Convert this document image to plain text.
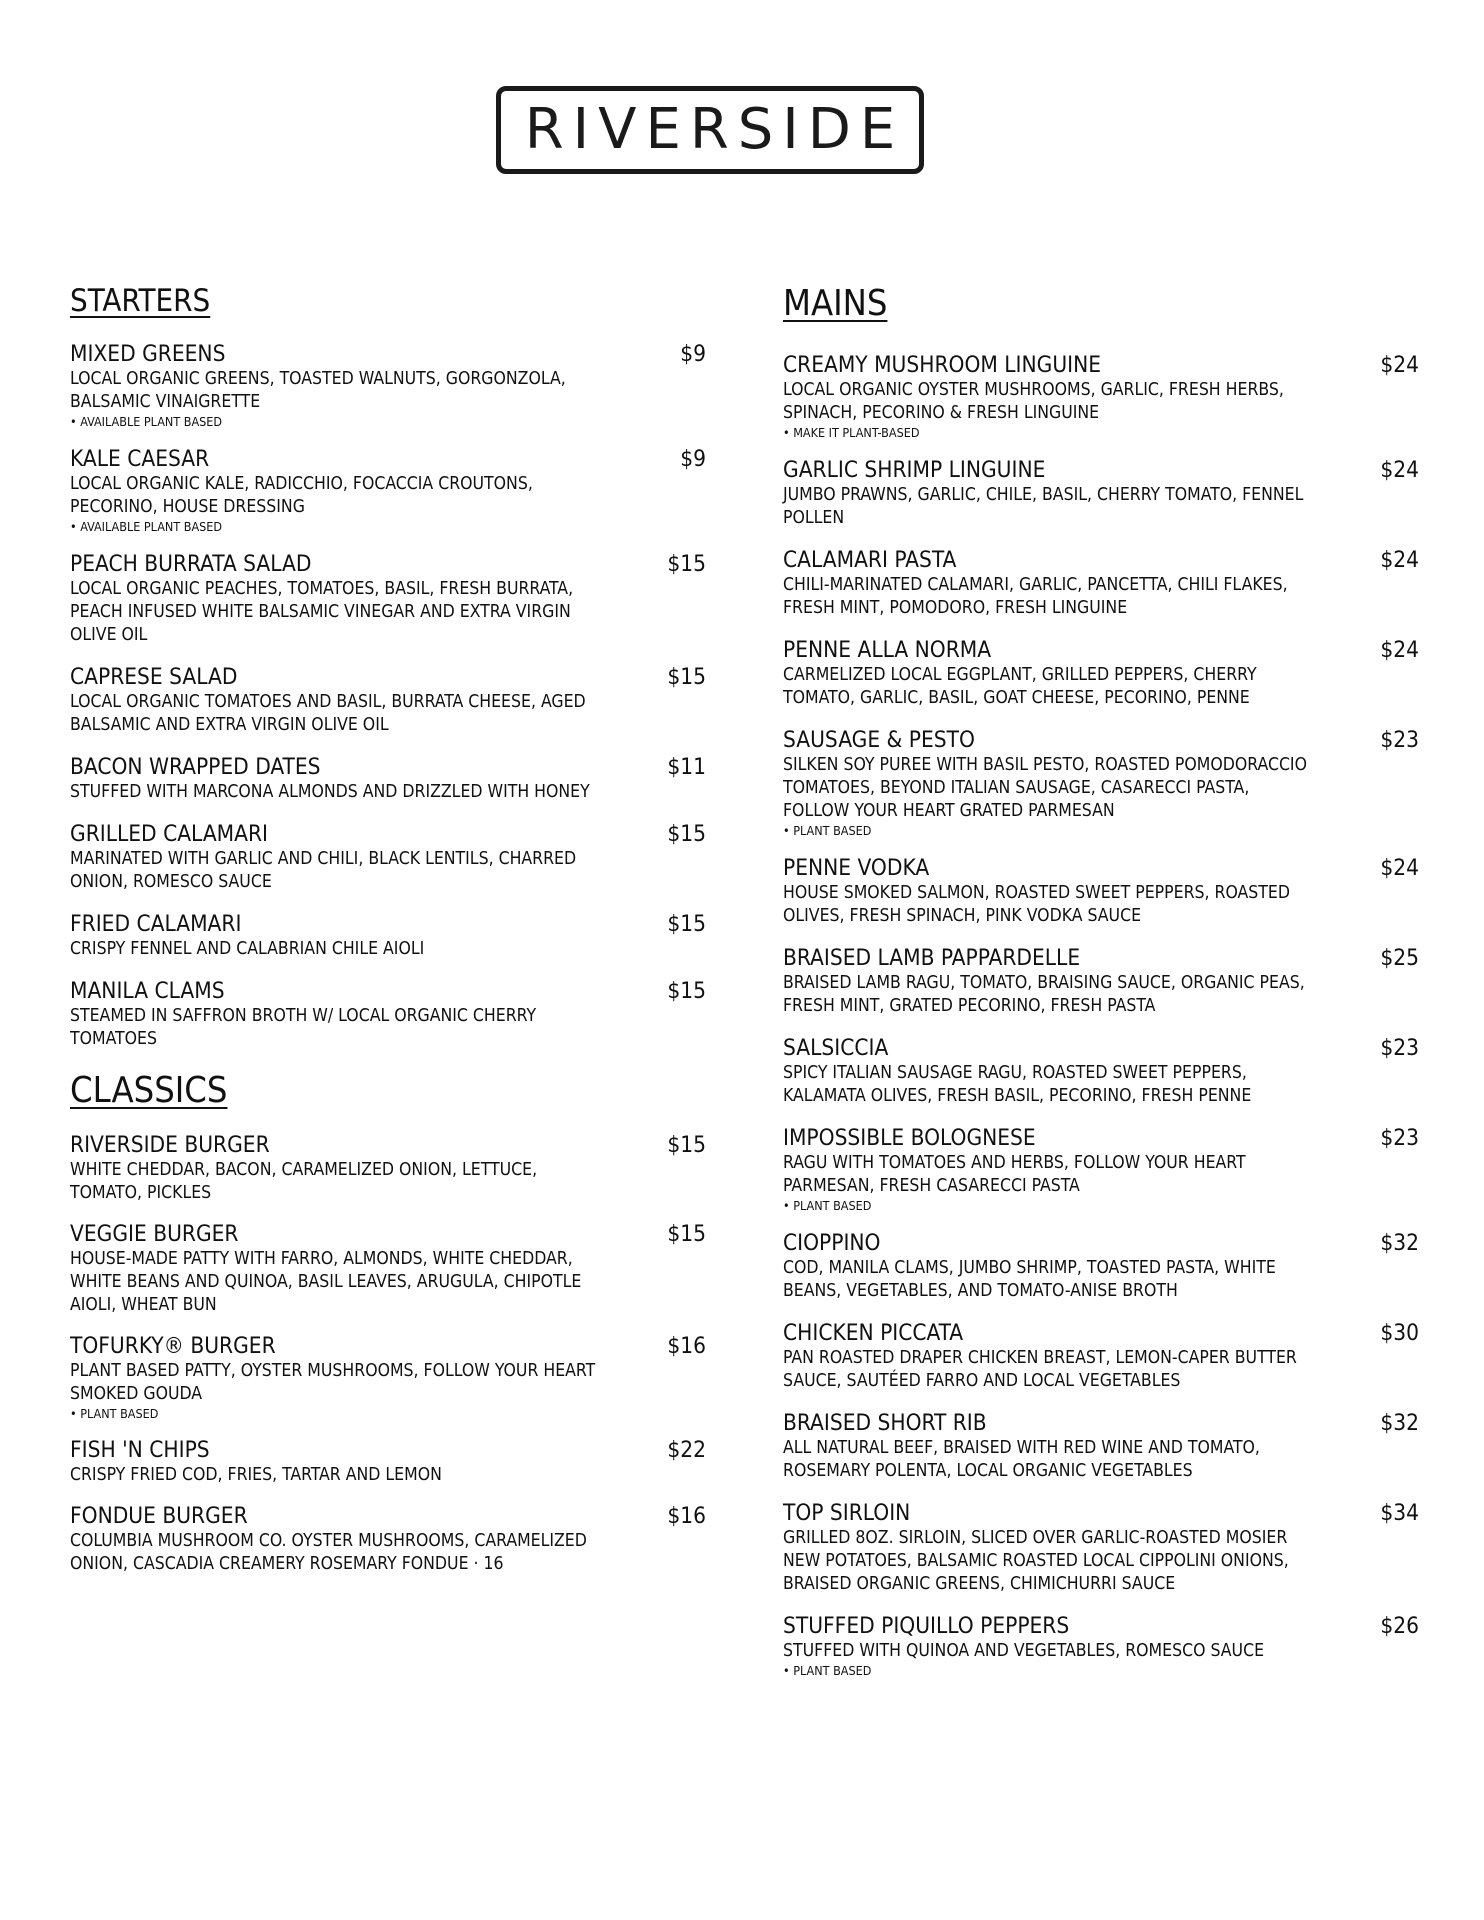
RIVERSIDE
STARTERS
MIXED GREENS	$9
LOCAL ORGANIC GREENS, TOASTED WALNUTS, GORGONZOLA, BALSAMIC VINAIGRETTE
• AVAILABLE PLANT BASED
KALE CAESAR	$9
LOCAL ORGANIC KALE, RADICCHIO, FOCACCIA CROUTONS, PECORINO, HOUSE DRESSING
• AVAILABLE PLANT BASED
PEACH BURRATA SALAD	$15
LOCAL ORGANIC PEACHES, TOMATOES, BASIL, FRESH BURRATA, PEACH INFUSED WHITE BALSAMIC VINEGAR AND EXTRA VIRGIN OLIVE OIL
CAPRESE SALAD	$15
LOCAL ORGANIC TOMATOES AND BASIL, BURRATA CHEESE, AGED BALSAMIC AND EXTRA VIRGIN OLIVE OIL
BACON WRAPPED DATES	$11
STUFFED WITH MARCONA ALMONDS AND DRIZZLED WITH HONEY
GRILLED CALAMARI	$15
MARINATED WITH GARLIC AND CHILI, BLACK LENTILS, CHARRED ONION, ROMESCO SAUCE
FRIED CALAMARI	$15
CRISPY FENNEL AND CALABRIAN CHILE AIOLI
MANILA CLAMS	$15
STEAMED IN SAFFRON BROTH W/ LOCAL ORGANIC CHERRY TOMATOES
CLASSICS
RIVERSIDE BURGER	$15
WHITE CHEDDAR, BACON, CARAMELIZED ONION, LETTUCE, TOMATO, PICKLES
VEGGIE BURGER	$15
HOUSE-MADE PATTY WITH FARRO, ALMONDS, WHITE CHEDDAR, WHITE BEANS AND QUINOA, BASIL LEAVES, ARUGULA, CHIPOTLE AIOLI, WHEAT BUN
TOFURKY® BURGER	$16
PLANT BASED PATTY, OYSTER MUSHROOMS, FOLLOW YOUR HEART SMOKED GOUDA
• PLANT BASED
FISH 'N CHIPS	$22
CRISPY FRIED COD, FRIES, TARTAR AND LEMON
FONDUE BURGER	$16
COLUMBIA MUSHROOM CO. OYSTER MUSHROOMS, CARAMELIZED ONION, CASCADIA CREAMERY ROSEMARY FONDUE · 16
MAINS
CREAMY MUSHROOM LINGUINE	$24
LOCAL ORGANIC OYSTER MUSHROOMS, GARLIC, FRESH HERBS, SPINACH, PECORINO & FRESH LINGUINE
• MAKE IT PLANT-BASED
GARLIC SHRIMP LINGUINE	$24
JUMBO PRAWNS, GARLIC, CHILE, BASIL, CHERRY TOMATO, FENNEL POLLEN
CALAMARI PASTA	$24
CHILI-MARINATED CALAMARI, GARLIC, PANCETTA, CHILI FLAKES, FRESH MINT, POMODORO, FRESH LINGUINE
PENNE ALLA NORMA	$24
CARMELIZED LOCAL EGGPLANT, GRILLED PEPPERS, CHERRY TOMATO, GARLIC, BASIL, GOAT CHEESE, PECORINO, PENNE
SAUSAGE & PESTO	$23
SILKEN SOY PUREE WITH BASIL PESTO, ROASTED POMODORACCIO TOMATOES, BEYOND ITALIAN SAUSAGE, CASARECCI PASTA, FOLLOW YOUR HEART GRATED PARMESAN
• PLANT BASED
PENNE VODKA	$24
HOUSE SMOKED SALMON, ROASTED SWEET PEPPERS, ROASTED OLIVES, FRESH SPINACH, PINK VODKA SAUCE
BRAISED LAMB PAPPARDELLE	$25
BRAISED LAMB RAGU, TOMATO, BRAISING SAUCE, ORGANIC PEAS, FRESH MINT, GRATED PECORINO, FRESH PASTA
SALSICCIA	$23
SPICY ITALIAN SAUSAGE RAGU, ROASTED SWEET PEPPERS, KALAMATA OLIVES, FRESH BASIL, PECORINO, FRESH PENNE
IMPOSSIBLE BOLOGNESE	$23
RAGU WITH TOMATOES AND HERBS, FOLLOW YOUR HEART PARMESAN, FRESH CASARECCI PASTA
• PLANT BASED
CIOPPINO	$32
COD, MANILA CLAMS, JUMBO SHRIMP, TOASTED PASTA, WHITE BEANS, VEGETABLES, AND TOMATO-ANISE BROTH
CHICKEN PICCATA	$30
PAN ROASTED DRAPER CHICKEN BREAST, LEMON-CAPER BUTTER SAUCE, SAUTÉED FARRO AND LOCAL VEGETABLES
BRAISED SHORT RIB	$32
ALL NATURAL BEEF, BRAISED WITH RED WINE AND TOMATO, ROSEMARY POLENTA, LOCAL ORGANIC VEGETABLES
TOP SIRLOIN	$34
GRILLED 8OZ. SIRLOIN, SLICED OVER GARLIC-ROASTED MOSIER NEW POTATOES, BALSAMIC ROASTED LOCAL CIPPOLINI ONIONS, BRAISED ORGANIC GREENS, CHIMICHURRI SAUCE
STUFFED PIQUILLO PEPPERS	$26
STUFFED WITH QUINOA AND VEGETABLES, ROMESCO SAUCE
• PLANT BASED
